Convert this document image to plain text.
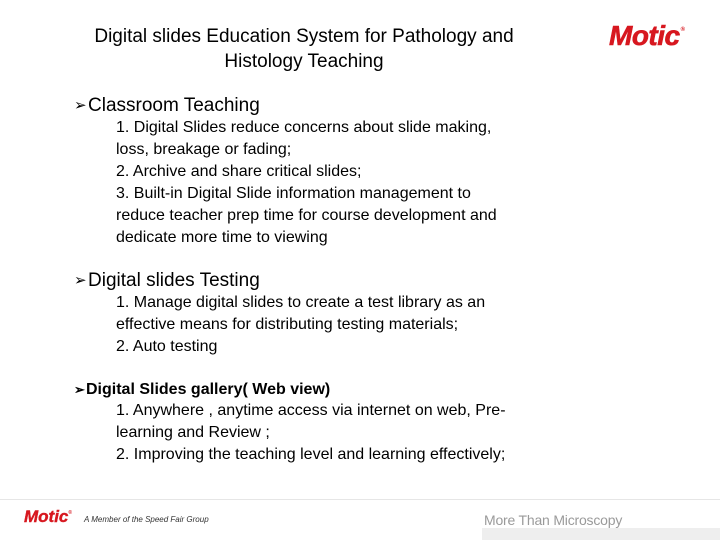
Digital slides Education System for Pathology and
Histology Teaching
Motic®
➢ Classroom Teaching
1. Digital Slides reduce concerns about slide making,
loss, breakage or fading;
2. Archive and share critical slides;
3. Built-in Digital Slide information management to
reduce teacher prep time for course development and
dedicate more time to viewing
➢ Digital slides Testing
1. Manage digital slides to create a test library as an
effective means for distributing testing materials;
2. Auto testing
➢ Digital Slides gallery( Web view)
1. Anywhere , anytime access via internet on web, Pre-
learning and Review ;
2. Improving the teaching level and learning effectively;
Motic®
A Member of the Speed Fair Group	More Than Microscopy
